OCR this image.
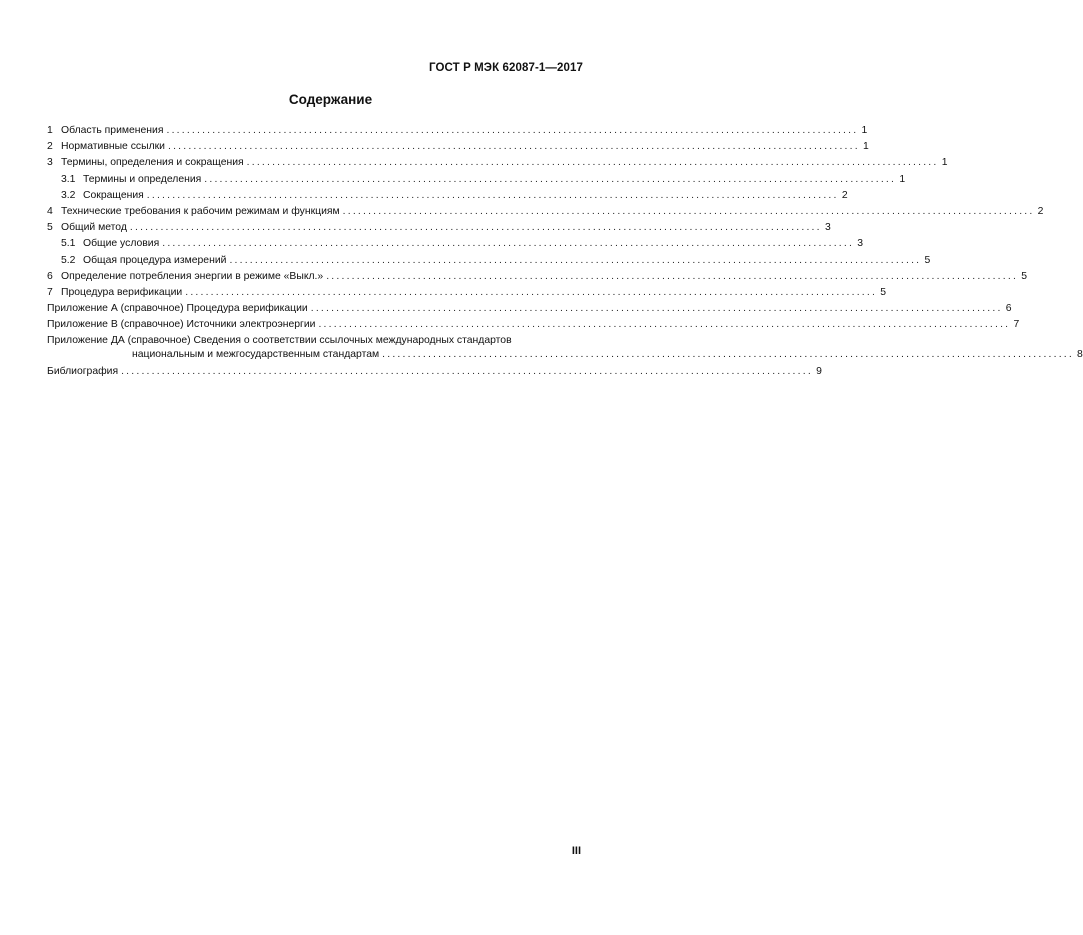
ГОСТ Р МЭК 62087-1—2017
Содержание
1 Область применения ........................................................................................................................................ 1
2 Нормативные ссылки ........................................................................................................................................ 1
3 Термины, определения и сокращения ........................................................................................................................................ 1
3.1 Термины и определения ........................................................................................................................................ 1
3.2 Сокращения ........................................................................................................................................ 2
4 Технические требования к рабочим режимам и функциям ........................................................................................................................................ 2
5 Общий метод ........................................................................................................................................ 3
5.1 Общие условия ........................................................................................................................................ 3
5.2 Общая процедура измерений ........................................................................................................................................ 5
6 Определение потребления энергии в режиме «Выкл.» ........................................................................................................................................ 5
7 Процедура верификации ........................................................................................................................................ 5
Приложение А (справочное) Процедура верификации ........................................................................................................................................ 6
Приложение В (справочное) Источники электроэнергии ........................................................................................................................................ 7
Приложение ДА (справочное) Сведения о соответствии ссылочных международных стандартов
национальным и межгосударственным стандартам ........................................................................................................................................ 8
Библиография ........................................................................................................................................ 9
III
